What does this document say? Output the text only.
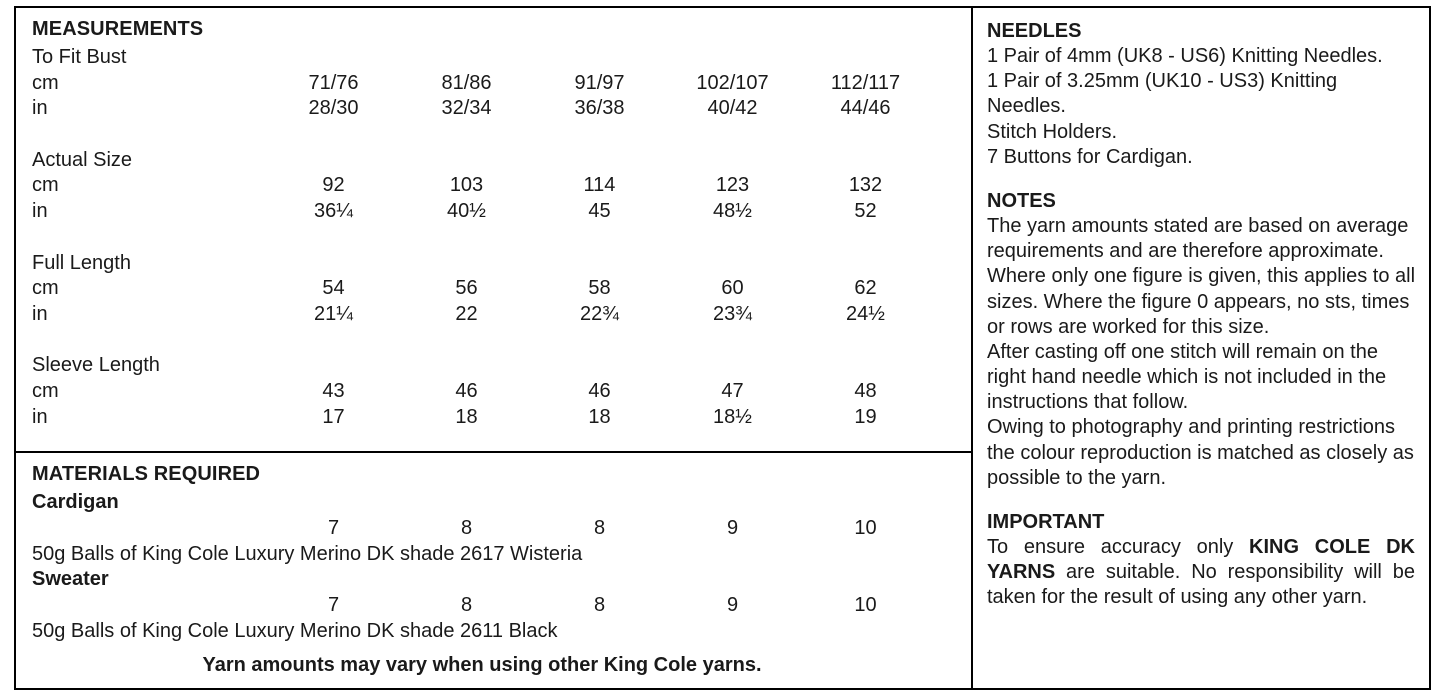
MEASUREMENTS

To Fit Bust

cm	71/76	81/86	91/97	102/107	112/117
in	28/30	32/34	36/38	40/42	44/46

Actual Size

cm	92	103	114	123	132
in	36¼	40½	45	48½	52

Full Length

cm	54	56	58	60	62
in	21¼	22	22¾	23¾	24½

Sleeve Length

cm	43	46	46	47	48
in	17	18	18	18½	19
MATERIALS REQUIRED

Cardigan

	7	8	8	9	10

50g Balls of King Cole Luxury Merino DK shade 2617 Wisteria

Sweater

	7	8	8	9	10

50g Balls of King Cole Luxury Merino DK shade 2611 Black

Yarn amounts may vary when using other King Cole yarns.

NEEDLES

1 Pair of 4mm (UK8 - US6) Knitting Needles.

1 Pair of 3.25mm (UK10 - US3) Knitting Needles.

Stitch Holders.

7 Buttons for Cardigan.

NOTES

The yarn amounts stated are based on average requirements and are therefore approximate. Where only one figure is given, this applies to all sizes. Where the figure 0 appears, no sts, times or rows are worked for this size.

After casting off one stitch will remain on the right hand needle which is not included in the instructions that follow.

Owing to photography and printing restrictions the colour reproduction is matched as closely as possible to the yarn.

IMPORTANT

To ensure accuracy only KING COLE DK YARNS are suitable. No responsibility will be taken for the result of using any other yarn.
